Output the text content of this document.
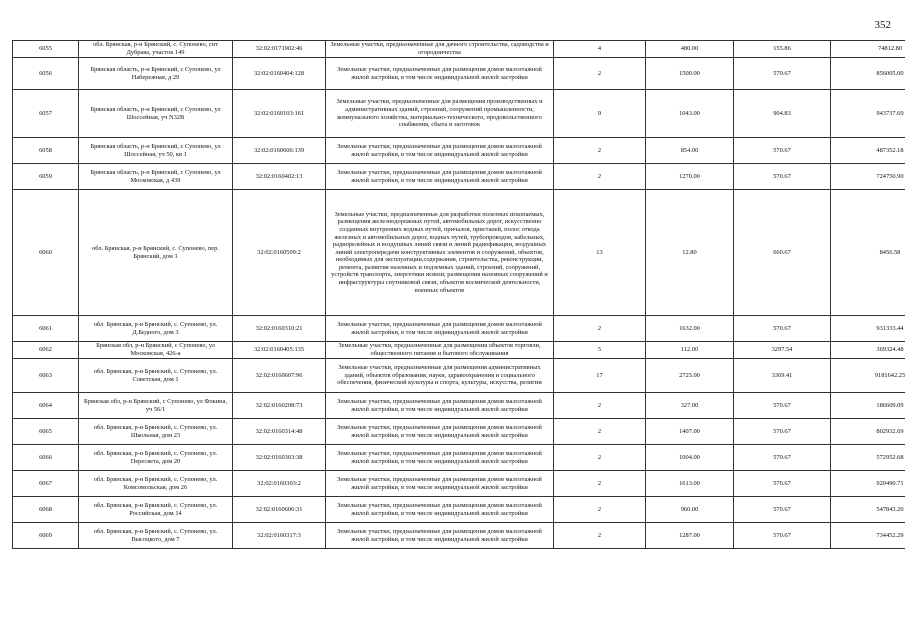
352
6055	обл. Брянская, р-н Брянский, с. Супонево, снт Дубрава, участок 149	32:02:0171902:46	Земельные участки, предназначенные для дачного строительства, садоводства и огородничества	4	480.00	155.86	74812.80
6056	Брянская область, р-н Брянский, с Супонево, ул Набережная, д 29	32:02:0160404:128	Земельные участки, предназначенные для размещения домов малоэтажной жилой застройки, в том числе индивидуальной жилой застройки	2	1500.00	570.67	856005.00
6057	Брянская область, р-н Брянский, с Супонево, ул Шоссейная, уч N32В	32:02:0160103:161	Земельные участки, предназначенные для размещения производственных и административных зданий, строений, сооружений промышленности, коммунального хозяйства, материально-технического, продовольственного снабжения, сбыта и заготовок	9	1043.00	904.83	943737.69
6058	Брянская область, р-н Брянский, с Супонево, ул Шоссейная, уч 50, кв 1	32:02:0160606:139	Земельные участки, предназначенные для размещения домов малоэтажной жилой застройки, в том числе индивидуальной жилой застройки	2	854.00	570.67	487352.18
6059	Брянская область, р-н Брянский, с Супонево, ул Московская, д 439	32:02:0160402:13	Земельные участки, предназначенные для размещения домов малоэтажной жилой застройки, в том числе индивидуальной жилой застройки	2	1270.00	570.67	724750.90
6060	обл. Брянская, р-н Брянский, с. Супонево, пер. Брянский, дом 1	32:02:0160509:2	Земельные участки, предназначенные для разработки полезных ископаемых, размещения железнодорожных путей, автомобильных дорог, искусственно созданных внутренних водных путей, причалов, пристаней, полос отвода железных и автомобильных дорог, водных путей, трубопроводов, кабельных, радиорелейных и воздушных линий связи и линий радиофикации, воздушных линий электропередачи конструктивных элементов и сооружений, объектов, необходимых для эксплуатации,содержания, строительства, реконструкции, ремонта, развития наземных и подземных зданий, строений, сооружений, устройств транспорта, энергетики исвязи; размещения наземных сооружений и инфраструктуры спутниковой связи, объектов космической деятельности, военных объектов	13	12.80	660.67	8456.58
6061	обл. Брянская, р-н Брянский, с. Супонево, ул. Д.Бедного, дом 3	32:02:0160310:21	Земельные участки, предназначенные для размещения домов малоэтажной жилой застройки, в том числе индивидуальной жилой застройки	2	1632.00	570.67	931333.44
6062	Брянская обл, р-н Брянский, с Супонево, ул Московская, 426-а	32:02:0160405:135	Земельные участки, предназначенные для размещения объектов торговли, общественного питания и бытового обслуживания	5	112.00	3297.54	369324.48
6063	обл. Брянская, р-н Брянский, с. Супонево, ул. Советская, дом 1	32:02:0160607:96	Земельные участки, предназначенные для размещения административных зданий, объектов образования, науки, здравоохранения и социального обеспечения, физической культуры и спорта, культуры, искусства, религии	17	2725.00	3369.41	9181642.25
6064	Брянская обл, р-н Брянский, с Супонево, ул Фокина, уч 56/1	32:02:0160208:73	Земельные участки, предназначенные для размещения домов малоэтажной жилой застройки, в том числе индивидуальной жилой застройки	2	327.00	570.67	186609.09
6065	обл. Брянская, р-н Брянский, с. Супонево, ул. Школьная, дом 23	32:02:0160314:48	Земельные участки, предназначенные для размещения домов малоэтажной жилой застройки, в том числе индивидуальной жилой застройки	2	1407.00	570.67	802932.69
6066	обл. Брянская, р-н Брянский, с. Супонево, ул. Пересвета, дом 20	32:02:0160303:38	Земельные участки, предназначенные для размещения домов малоэтажной жилой застройки, в том числе индивидуальной жилой застройки	2	1004.00	570.67	572952.68
6067	обл. Брянская, р-н Брянский, с. Супонево, ул. Комсомольская, дом 26	32:02:0160303:2	Земельные участки, предназначенные для размещения домов малоэтажной жилой застройки, в том числе индивидуальной жилой застройки	2	1613.00	570.67	920490.71
6068	обл. Брянская, р-н Брянский, с. Супонево, ул. Российская, дом 14	32:02:0160606:31	Земельные участки, предназначенные для размещения домов малоэтажной жилой застройки, в том числе индивидуальной жилой застройки	2	960.00	570.67	547843.20
6069	обл. Брянская, р-н Брянский, с. Супонево, ул. Высоцкого, дом 7	32:02:0160317:3	Земельные участки, предназначенные для размещения домов малоэтажной жилой застройки, в том числе индивидуальной жилой застройки	2	1287.00	570.67	734452.29
